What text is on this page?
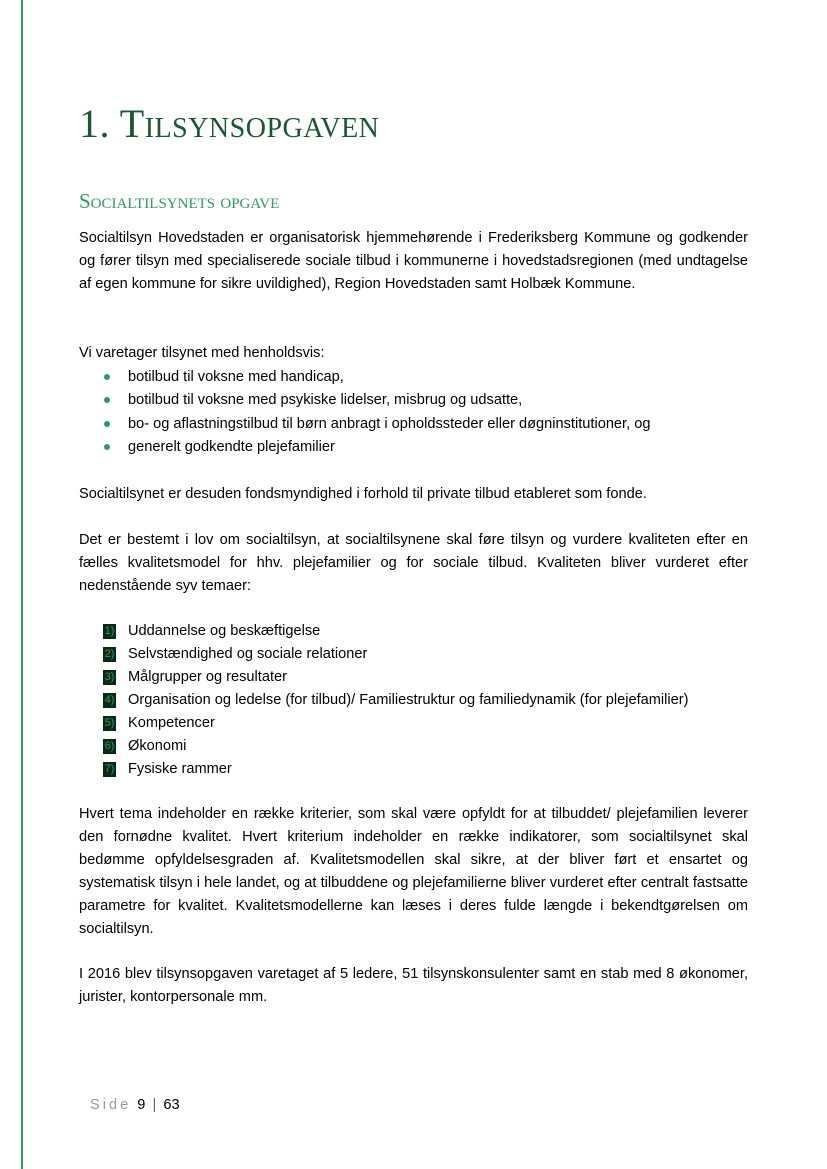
1. Tilsynsopgaven
Socialtilsynets opgave

Socialtilsyn Hovedstaden er organisatorisk hjemmehørende i Frederiksberg Kommune og godkender og fører tilsyn med specialiserede sociale tilbud i kommunerne i hovedstadsregionen (med undtagelse af egen kommune for sikre uvildighed), Region Hovedstaden samt Holbæk Kommune.

Vi varetager tilsynet med henholdsvis:

botilbud til voksne med handicap,
botilbud til voksne med psykiske lidelser, misbrug og udsatte,
bo- og aflastningstilbud til børn anbragt i opholdssteder eller døgninstitutioner, og
generelt godkendte plejefamilier

Socialtilsynet er desuden fondsmyndighed i forhold til private tilbud etableret som fonde.

Det er bestemt i lov om socialtilsyn, at socialtilsynene skal føre tilsyn og vurdere kvaliteten efter en fælles kvalitetsmodel for hhv. plejefamilier og for sociale tilbud. Kvaliteten bliver vurderet efter nedenstående syv temaer:

1) Uddannelse og beskæftigelse
2) Selvstændighed og sociale relationer
3) Målgrupper og resultater
4) Organisation og ledelse (for tilbud)/ Familiestruktur og familiedynamik (for plejefamilier)
5) Kompetencer
6) Økonomi
7) Fysiske rammer

Hvert tema indeholder en række kriterier, som skal være opfyldt for at tilbuddet/ plejefamilien leverer den fornødne kvalitet. Hvert kriterium indeholder en række indikatorer, som socialtilsynet skal bedømme opfyldelsesgraden af. Kvalitetsmodellen skal sikre, at der bliver ført et ensartet og systematisk tilsyn i hele landet, og at tilbuddene og plejefamilierne bliver vurderet efter centralt fastsatte parametre for kvalitet. Kvalitetsmodellerne kan læses i deres fulde længde i bekendtgørelsen om socialtilsyn.

I 2016 blev tilsynsopgaven varetaget af 5 ledere, 51 tilsynskonsulenter samt en stab med 8 økonomer, jurister, kontorpersonale mm.

Side 9 | 63
